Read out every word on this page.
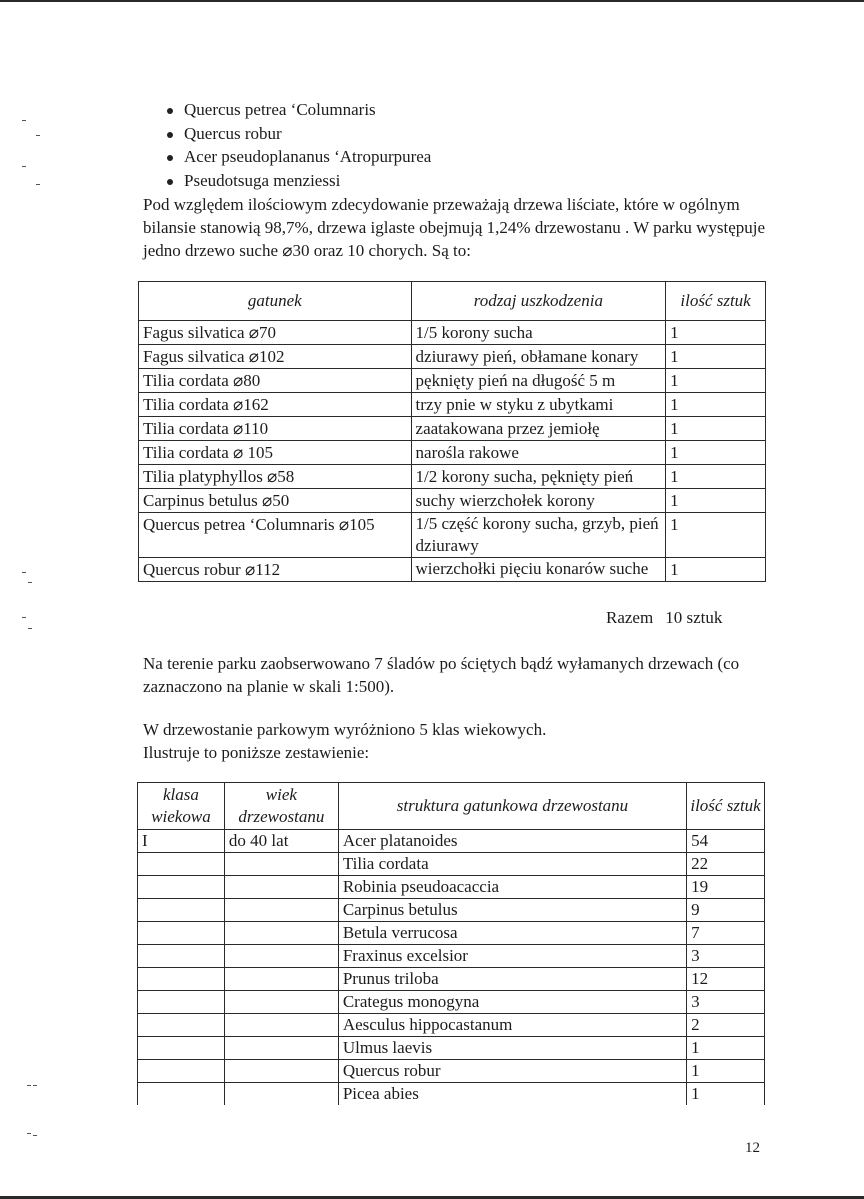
Quercus petrea ‘Columnaris
Quercus robur
Acer pseudoplananus ‘Atropurpurea
Pseudotsuga menziessi

Pod względem ilościowym zdecydowanie przeważają drzewa liściate, które w ogólnym bilansie stanowią 98,7%, drzewa iglaste obejmują 1,24% drzewostanu . W parku występuje jedno drzewo suche ⌀30 oraz 10 chorych. Są to:

gatunek	rodzaj uszkodzenia	ilość sztuk
Fagus silvatica ⌀70	1/5 korony sucha	1
Fagus silvatica ⌀102	dziurawy pień, obłamane konary	1
Tilia cordata ⌀80	pęknięty pień na długość 5 m	1
Tilia cordata ⌀162	trzy pnie w styku z ubytkami	1
Tilia cordata ⌀110	zaatakowana przez jemiołę	1
Tilia cordata ⌀ 105	narośla rakowe	1
Tilia platyphyllos ⌀58	1/2 korony sucha, pęknięty pień	1
Carpinus betulus ⌀50	suchy wierzchołek korony	1
Quercus petrea ‘Columnaris ⌀105	1/5 część korony sucha, grzyb, pień dziurawy	1
Quercus robur ⌀112	wierzchołki pięciu konarów suche	1
Razem 10 sztuk

Na terenie parku zaobserwowano 7 śladów po ściętych bądź wyłamanych drzewach (co zaznaczono na planie w skali 1:500).

W drzewostanie parkowym wyróżniono 5 klas wiekowych.
Ilustruje to poniższe zestawienie:
klasa wiekowa	wiek drzewostanu	struktura gatunkowa drzewostanu	ilość sztuk
I	do 40 lat	Acer platanoides	54
		Tilia cordata	22
		Robinia pseudoacaccia	19
		Carpinus betulus	9
		Betula verrucosa	7
		Fraxinus excelsior	3
		Prunus triloba	12
		Crategus monogyna	3
		Aesculus hippocastanum	2
		Ulmus laevis	1
		Quercus robur	1
		Picea abies	1
12
